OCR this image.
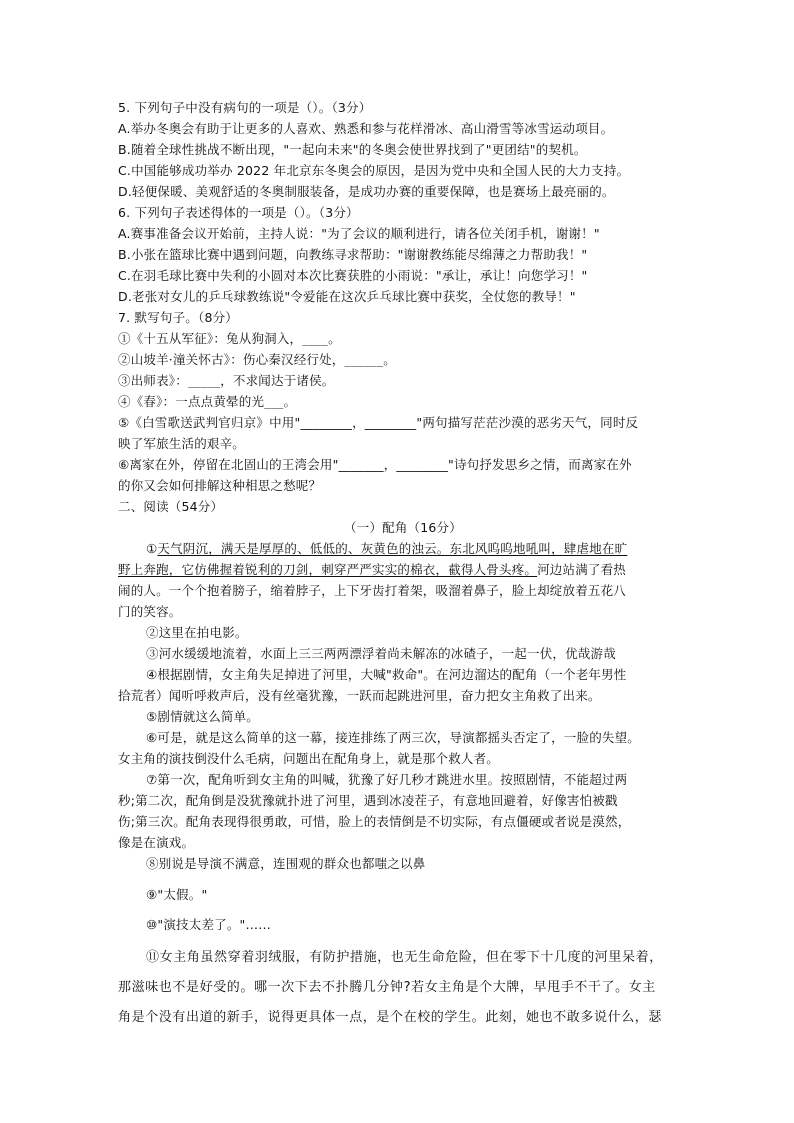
5. 下列句子中没有病句的一项是（）。（3分）
A.举办冬奥会有助于让更多的人喜欢、熟悉和参与花样滑冰、高山滑雪等冰雪运动项目。
B.随着全球性挑战不断出现，"一起向未来"的冬奥会使世界找到了"更团结"的契机。
C.中国能够成功举办 2022 年北京东冬奥会的原因，是因为党中央和全国人民的大力支持。
D.轻便保暖、美观舒适的冬奥制服装备，是成功办赛的重要保障，也是赛场上最亮丽的。
6. 下列句子表述得体的一项是（）。（3分）
A.赛事准备会议开始前，主持人说："为了会议的顺利进行，请各位关闭手机，谢谢！"
B.小张在篮球比赛中遇到问题，向教练寻求帮助："谢谢教练能尽绵薄之力帮助我！"
C.在羽毛球比赛中失利的小圆对本次比赛获胜的小雨说："承让，承让！向您学习！"
D.老张对女儿的乒乓球教练说"令爱能在这次乒乓球比赛中获奖，全仗您的教导！"
7. 默写句子。（8分）
①《十五从军征》：兔从狗洞入，____。
②山坡羊·潼关怀古》：伤心秦汉经行处，______。
③出师表》：_____，不求闻达于诸侯。
④《春》：一点点黄晕的光___。
⑤《白雪歌送武判官归京》中用"________，________"两句描写茫茫沙漠的恶劣天气，同时反
映了军旅生活的艰辛。
⑥离家在外，停留在北固山的王湾会用"_______，________"诗句抒发思乡之情，而离家在外
的你又会如何排解这种相思之愁呢？
二、阅读（54分）
（一）配角（16分）
①天气阴沉，满天是厚厚的、低低的、灰黄色的浊云。东北风呜呜地吼叫，肆虐地在旷
野上奔跑，它仿佛握着锐利的刀剑，刺穿严严实实的棉衣，截得人骨头疼。河边站满了看热
闹的人。一个个抱着膀子，缩着脖子，上下牙齿打着架，吸溜着鼻子，脸上却绽放着五花八
门的笑容。
②这里在拍电影。
③河水缓缓地流着，水面上三三两两漂浮着尚未解冻的冰碴子，一起一伏，优哉游哉
④根据剧情，女主角失足掉进了河里，大喊"救命"。在河边溜达的配角（一个老年男性
拾荒者）闻听呼救声后，没有丝毫犹豫，一跃而起跳进河里，奋力把女主角救了出来。
⑤剧情就这么简单。
⑥可是，就是这么简单的这一幕，接连排练了两三次，导演都摇头否定了，一脸的失望。
女主角的演技倒没什么毛病，问题出在配角身上，就是那个救人者。
⑦第一次，配角听到女主角的叫喊，犹豫了好几秒才跳进水里。按照剧情，不能超过两
秒;第二次，配角倒是没犹豫就扑进了河里，遇到冰凌茬子，有意地回避着，好像害怕被戳
伤;第三次。配角表现得很勇敢，可惜，脸上的表情倒是不切实际，有点僵硬或者说是漠然，
像是在演戏。
⑧别说是导演不满意，连围观的群众也都嗤之以鼻
⑨"太假。"
⑩"演技太差了。"……
⑪女主角虽然穿着羽绒服，有防护措施，也无生命危险，但在零下十几度的河里呆着，
那滋味也不是好受的。哪一次下去不扑腾几分钟?若女主角是个大牌，早甩手不干了。女主
角是个没有出道的新手，说得更具体一点，是个在校的学生。此刻，她也不敢多说什么，瑟
